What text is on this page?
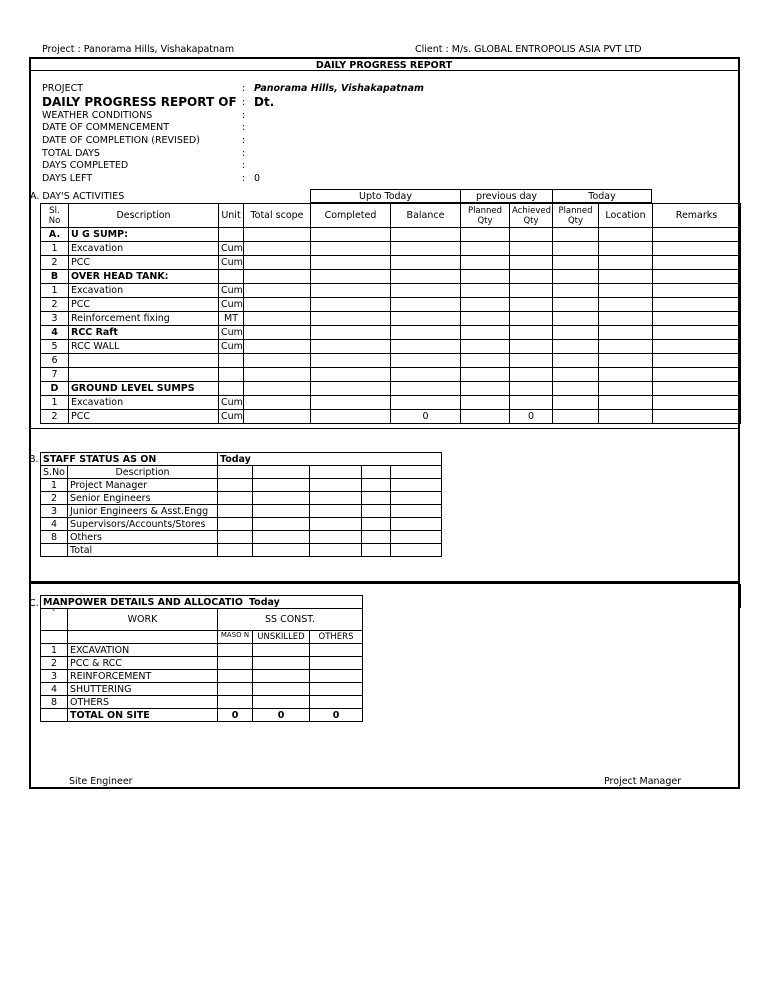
Project : Panorama Hills, Vishakapatnam	Client : M/s. GLOBAL ENTROPOLIS ASIA PVT LTD
DAILY PROGRESS REPORT
PROJECT	: Panorama Hills, Vishakapatnam
DAILY PROGRESS REPORT OF : Dt.
WEATHER CONDITIONS	:
DATE OF COMMENCEMENT	:
DATE OF COMPLETION (REVISED)	:
TOTAL DAYS	:
DAYS COMPLETED	:
DAYS LEFT	: 0
A. DAY'S ACTIVITIES	Upto Today	previous day	Today
Sl. No	Description	Unit	Total scope	Completed	Balance	Planned Qty	Achieved Qty	Planned Qty	Location	Remarks
A.	U G SUMP:									
1	Excavation	Cum								
2	PCC	Cum								
B	OVER HEAD TANK:									
1	Excavation	Cum								
2	PCC	Cum								
3	Reinforcement fixing	MT								
4	RCC Raft	Cum								
5	RCC WALL	Cum								
6										
7										
D	GROUND LEVEL SUMPS									
1	Excavation	Cum								
2	PCC	Cum			0		0			
STAFF STATUS AS ON		Today				
S.No	Description					
1	Project Manager					
2	Senior Engineers					
3	Junior Engineers & Asst.Engg					
4	Supervisors/Accounts/Stores					
8	Others					
	Total					
B.
C. MANPOWER DETAILS AND ALLOCATIO Today				
`	WORK	SS CONST.		
		MASO N	UNSKILLED	OTHERS
1	EXCAVATION			
2	PCC & RCC			
3	REINFORCEMENT			
4	SHUTTERING			
8	OTHERS			
	TOTAL ON SITE	0	0	0
Site Engineer	Project Manager
